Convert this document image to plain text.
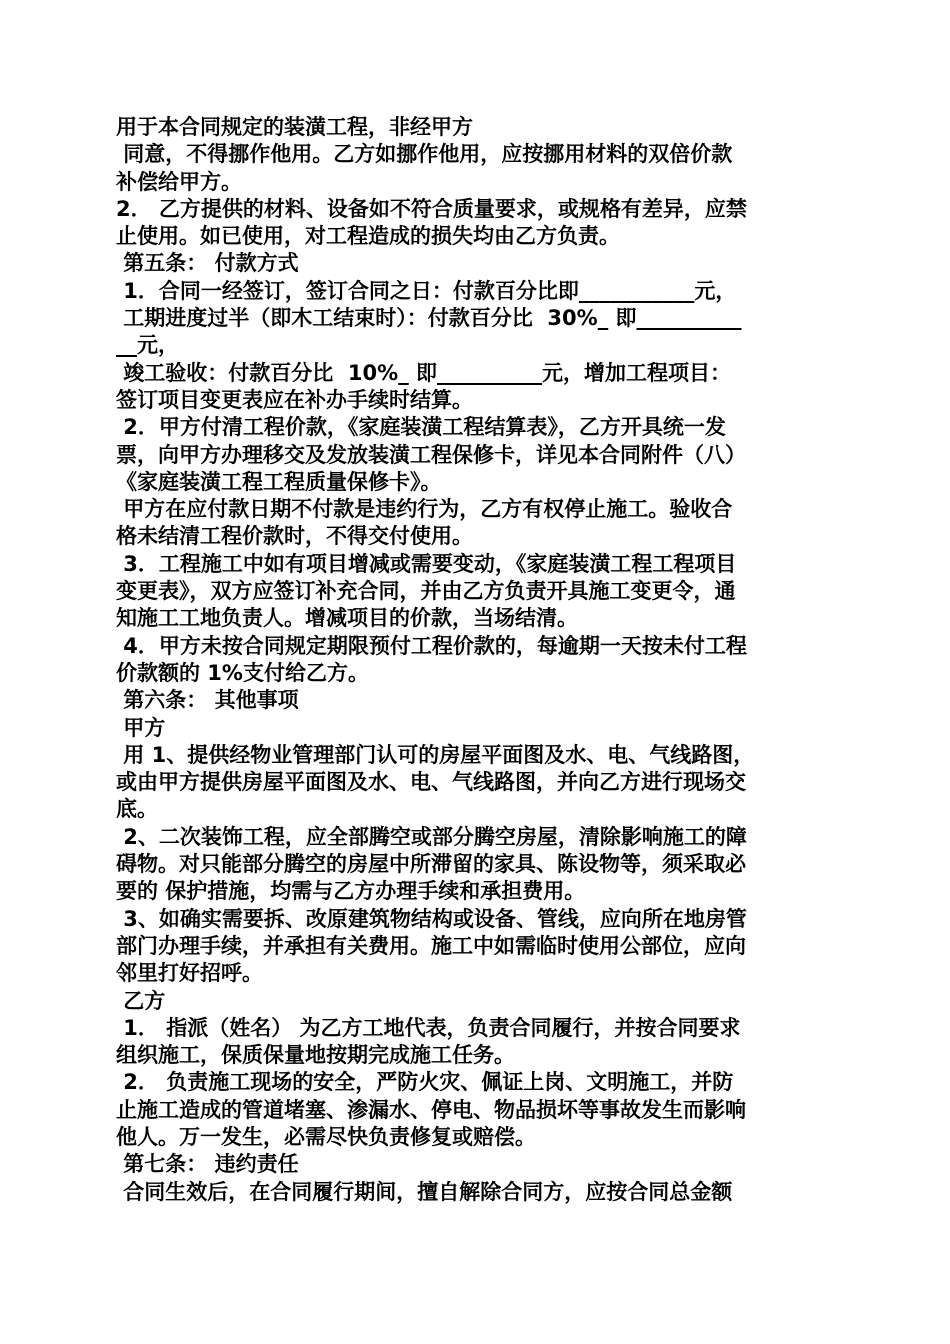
用于本合同规定的装潢工程，非经甲方
同意，不得挪作他用。乙方如挪作他用，应按挪用材料的双倍价款
补偿给甲方。
2． 乙方提供的材料、设备如不符合质量要求，或规格有差异，应禁
止使用。如已使用，对工程造成的损失均由乙方负责。
第五条： 付款方式
1．合同一经签订，签订合同之日：付款百分比即___________元，
工期进度过半（即木工结束时）：付款百分比  30%_ 即__________
__元，
竣工验收：付款百分比  10%_ 即__________元，增加工程项目：
签订项目变更表应在补办手续时结算。
2．甲方付清工程价款，《家庭装潢工程结算表》，乙方开具统一发
票，向甲方办理移交及发放装潢工程保修卡，详见本合同附件（八）
《家庭装潢工程工程质量保修卡》。
甲方在应付款日期不付款是违约行为，乙方有权停止施工。验收合
格未结清工程价款时，不得交付使用。
3．工程施工中如有项目增减或需要变动，《家庭装潢工程工程项目
变更表》，双方应签订补充合同，并由乙方负责开具施工变更令，通
知施工工地负责人。增减项目的价款，当场结清。
4．甲方未按合同规定期限预付工程价款的，每逾期一天按未付工程
价款额的 1%支付给乙方。
第六条： 其他事项
甲方
用 1、提供经物业管理部门认可的房屋平面图及水、电、气线路图，
或由甲方提供房屋平面图及水、电、气线路图，并向乙方进行现场交
底。
2、二次装饰工程，应全部腾空或部分腾空房屋，清除影响施工的障
碍物。对只能部分腾空的房屋中所滞留的家具、陈设物等，须采取必
要的 保护措施，均需与乙方办理手续和承担费用。
3、如确实需要拆、改原建筑物结构或设备、管线，应向所在地房管
部门办理手续，并承担有关费用。施工中如需临时使用公部位，应向
邻里打好招呼。
乙方
1． 指派（姓名） 为乙方工地代表，负责合同履行，并按合同要求
组织施工，保质保量地按期完成施工任务。
2． 负责施工现场的安全，严防火灾、佩证上岗、文明施工，并防
止施工造成的管道堵塞、渗漏水、停电、物品损坏等事故发生而影响
他人。万一发生，必需尽快负责修复或赔偿。
第七条： 违约责任
合同生效后，在合同履行期间，擅自解除合同方，应按合同总金额
